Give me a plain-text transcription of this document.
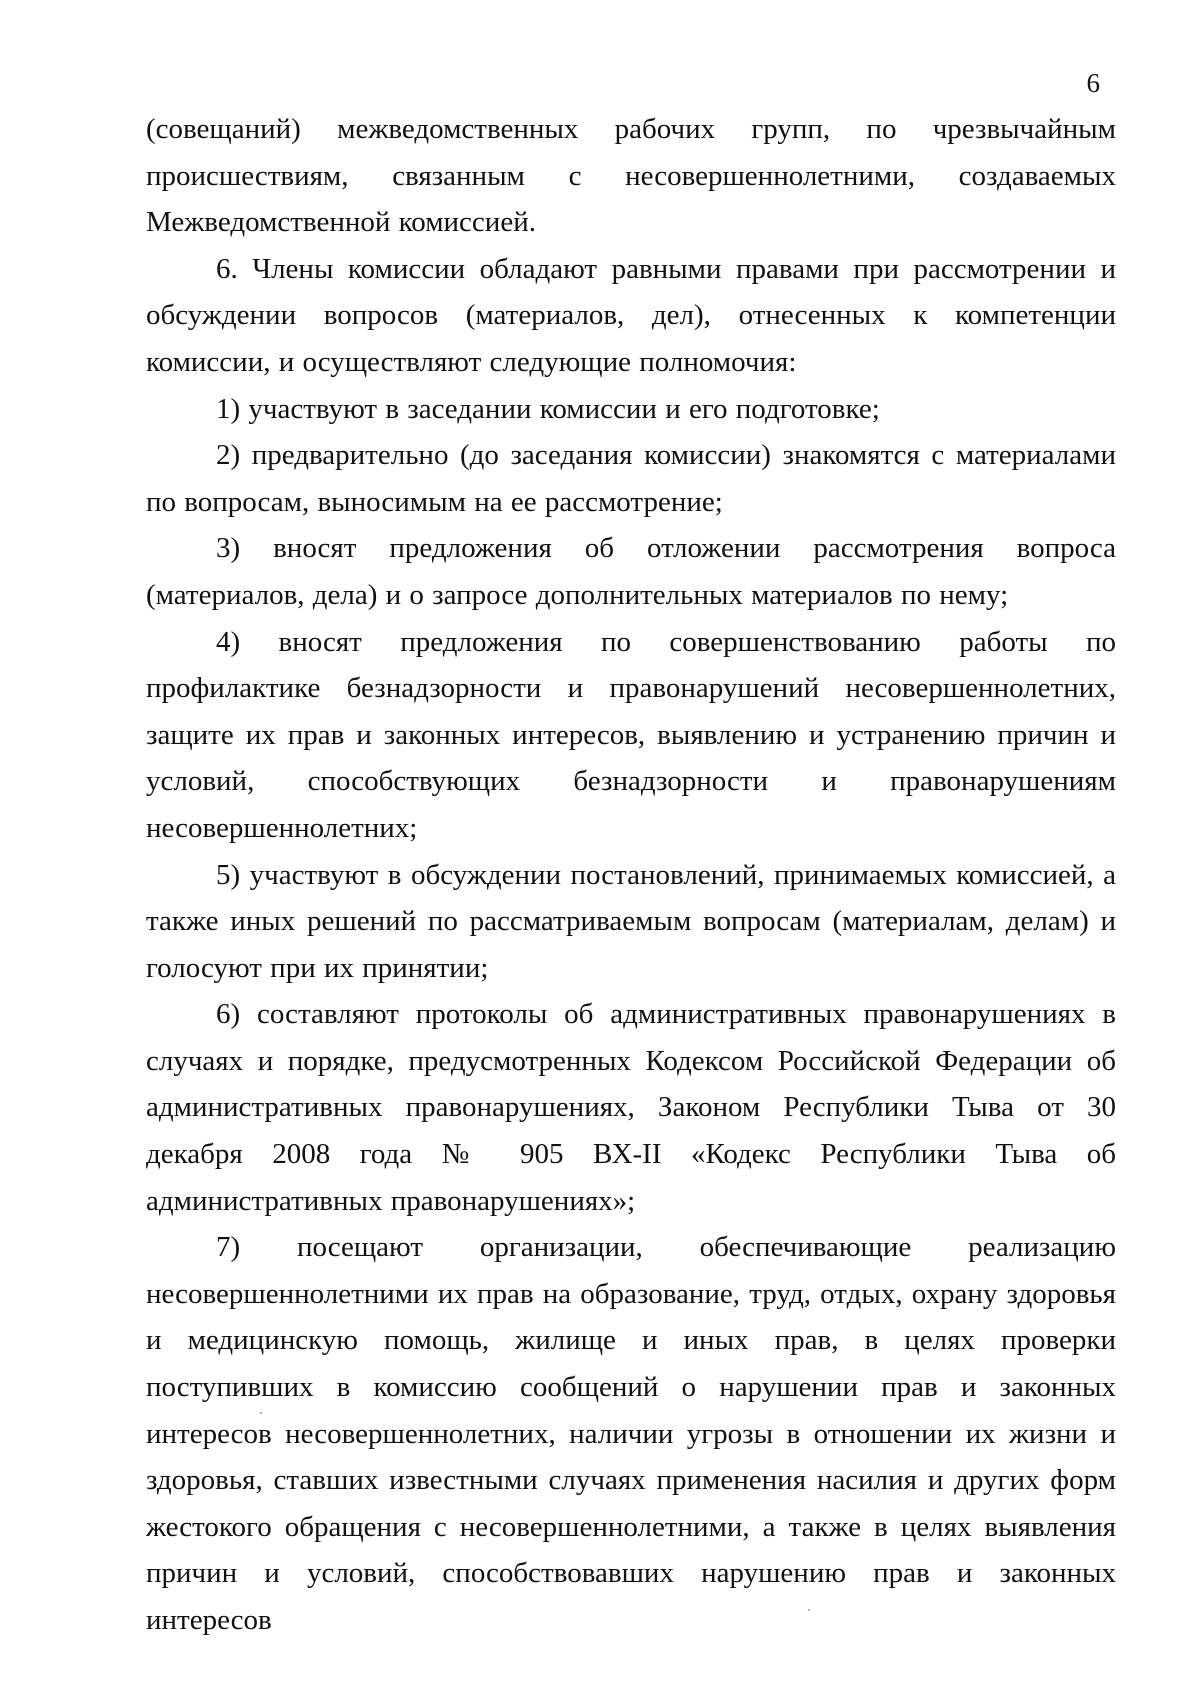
6

(совещаний) межведомственных рабочих групп, по чрезвычайным происшествиям, связанным с несовершеннолетними, создаваемых Межведомственной комиссией.

6. Члены комиссии обладают равными правами при рассмотрении и обсуждении вопросов (материалов, дел), отнесенных к компетенции комиссии, и осуществляют следующие полномочия:

1) участвуют в заседании комиссии и его подготовке;

2) предварительно (до заседания комиссии) знакомятся с материалами по вопросам, выносимым на ее рассмотрение;

3) вносят предложения об отложении рассмотрения вопроса (материалов, дела) и о запросе дополнительных материалов по нему;

4) вносят предложения по совершенствованию работы по профилактике безнадзорности и правонарушений несовершеннолетних, защите их прав и законных интересов, выявлению и устранению причин и условий, способствующих безнадзорности и правонарушениям несовершеннолетних;

5) участвуют в обсуждении постановлений, принимаемых комиссией, а также иных решений по рассматриваемым вопросам (материалам, делам) и голосуют при их принятии;

6) составляют протоколы об административных правонарушениях в случаях и порядке, предусмотренных Кодексом Российской Федерации об административных правонарушениях, Законом Республики Тыва от 30 декабря 2008 года № 905 ВХ-II «Кодекс Республики Тыва об административных правонарушениях»;

7) посещают организации, обеспечивающие реализацию несовершеннолетними их прав на образование, труд, отдых, охрану здоровья и медицинскую помощь, жилище и иных прав, в целях проверки поступивших в комиссию сообщений о нарушении прав и законных интересов несовершеннолетних, наличии угрозы в отношении их жизни и здоровья, ставших известными случаях применения насилия и других форм жестокого обращения с несовершеннолетними, а также в целях выявления причин и условий, способствовавших нарушению прав и законных интересов
